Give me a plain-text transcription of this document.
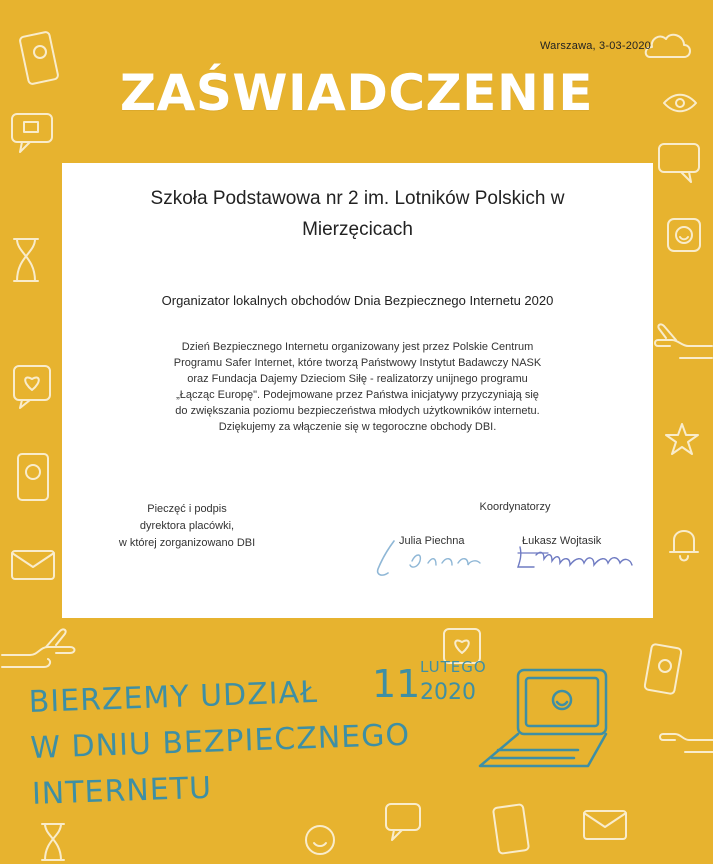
Warszawa, 3-03-2020
ZAŚWIADCZENIE
Szkoła Podstawowa nr 2 im. Lotników Polskich w
Mierzęcicach
Organizator lokalnych obchodów Dnia Bezpiecznego Internetu 2020
Dzień Bezpiecznego Internetu organizowany jest przez Polskie Centrum
Programu Safer Internet, które tworzą Państwowy Instytut Badawczy NASK
oraz Fundacja Dajemy Dzieciom Siłę - realizatorzy unijnego programu
„Łącząc Europę". Podejmowane przez Państwa inicjatywy przyczyniają się
do zwiększania poziomu bezpieczeństwa młodych użytkowników internetu.
Dziękujemy za włączenie się w tegoroczne obchody DBI.
Pieczęć i podpis
dyrektora placówki,
w której zorganizowano DBI
Koordynatorzy
Julia Piechna	Łukasz Wojtasik
BIERZEMY UDZIAŁ
W DNIU BEZPIECZNEGO
INTERNETU
11 LUTEGO
2020
